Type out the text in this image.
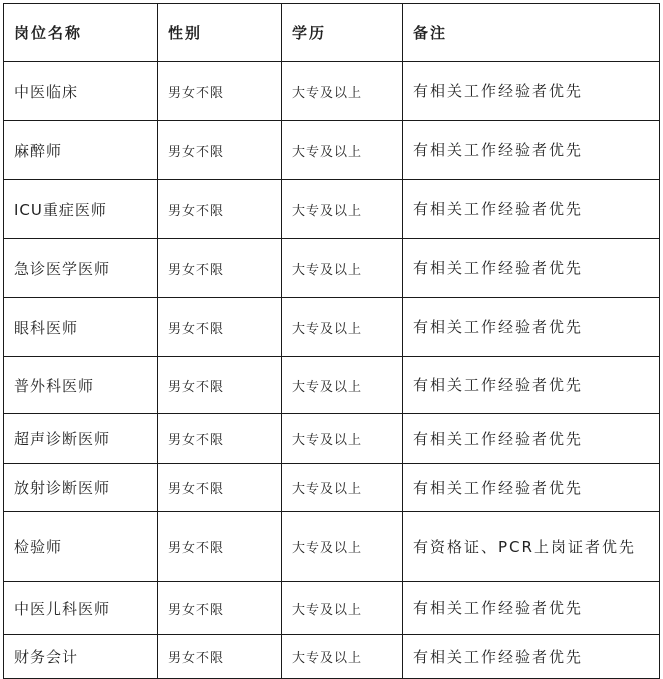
岗位名称	性别	学历	备注
中医临床	男女不限	大专及以上	有相关工作经验者优先
麻醉师	男女不限	大专及以上	有相关工作经验者优先
ICU重症医师	男女不限	大专及以上	有相关工作经验者优先
急诊医学医师	男女不限	大专及以上	有相关工作经验者优先
眼科医师	男女不限	大专及以上	有相关工作经验者优先
普外科医师	男女不限	大专及以上	有相关工作经验者优先
超声诊断医师	男女不限	大专及以上	有相关工作经验者优先
放射诊断医师	男女不限	大专及以上	有相关工作经验者优先
检验师	男女不限	大专及以上	有资格证、PCR上岗证者优先
中医儿科医师	男女不限	大专及以上	有相关工作经验者优先
财务会计	男女不限	大专及以上	有相关工作经验者优先
